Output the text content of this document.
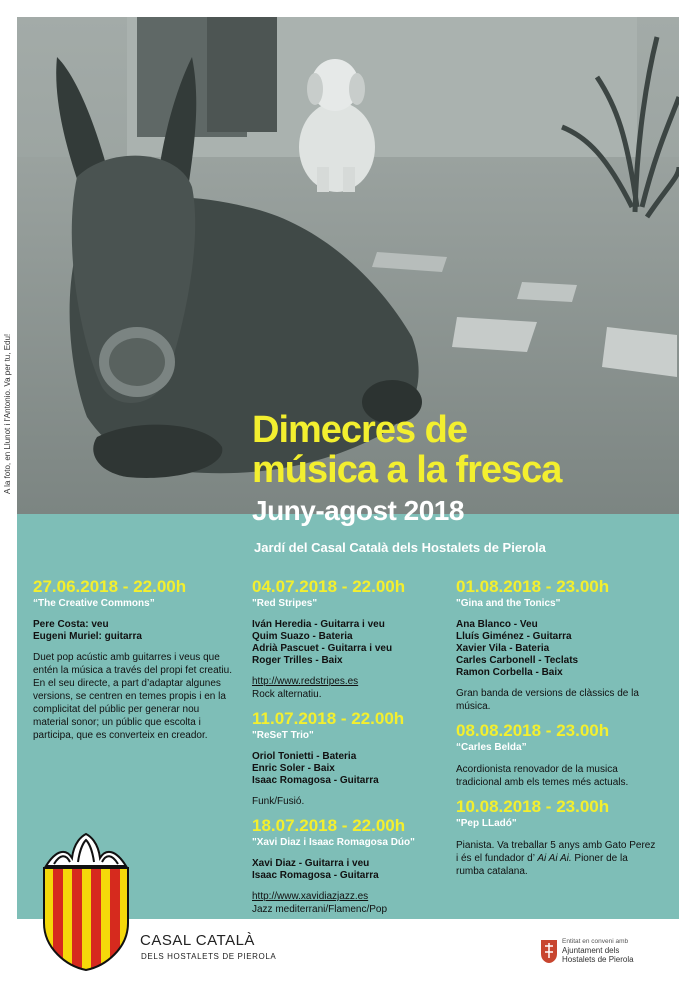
A la foto, en Llunot i l'Antonio. Va per tu, Edu!	Dimecres de
música a la fresca
Juny-agost 2018
Jardí del Casal Català dels Hostalets de Pierola
27.06.2018 - 22.00h
“The Creative Commons”
Pere Costa: veu
Eugeni Muriel: guitarra
Duet pop acústic amb guitarres i veus que entén la música a través del propi fet creatiu. En el seu directe, a part d’adaptar algunes versions, se centren en temes propis i en la complicitat del públic per generar nou material sonor; un públic que escolta i participa, que es converteix en creador.
04.07.2018 - 22.00h
"Red Stripes"
Iván Heredia - Guitarra i veu
Quim Suazo - Bateria
Adrià Pascuet - Guitarra i veu
Roger Trilles - Baix
http://www.redstripes.es
Rock alternatiu.
11.07.2018 - 22.00h
"ReSeT Trio"
Oriol Tonietti - Bateria
Enric Soler - Baix
Isaac Romagosa - Guitarra
Funk/Fusió.
18.07.2018 - 22.00h
"Xavi Diaz i Isaac Romagosa Dúo"
Xavi Diaz - Guitarra i veu
Isaac Romagosa - Guitarra
http://www.xavidiazjazz.es
Jazz mediterrani/Flamenc/Pop
01.08.2018 - 23.00h
"Gina and the Tonics"
Ana Blanco - Veu
Lluís Giménez - Guitarra
Xavier Vila - Bateria
Carles Carbonell - Teclats
Ramon Corbella - Baix
Gran banda de versions de clàssics de la música.
08.08.2018 - 23.00h
“Carles Belda”
Acordionista renovador de la musica tradicional amb els temes més actuals.
10.08.2018 - 23.00h
"Pep LLadó"
Pianista. Va treballar 5 anys amb Gato Perez i és el fundador d’ Ai Ai Ai. Pioner de la rumba catalana.
CASAL CATALÀ
DELS HOSTALETS DE PIEROLA
Entitat en conveni amb
Ajuntament dels
Hostalets de Pierola
